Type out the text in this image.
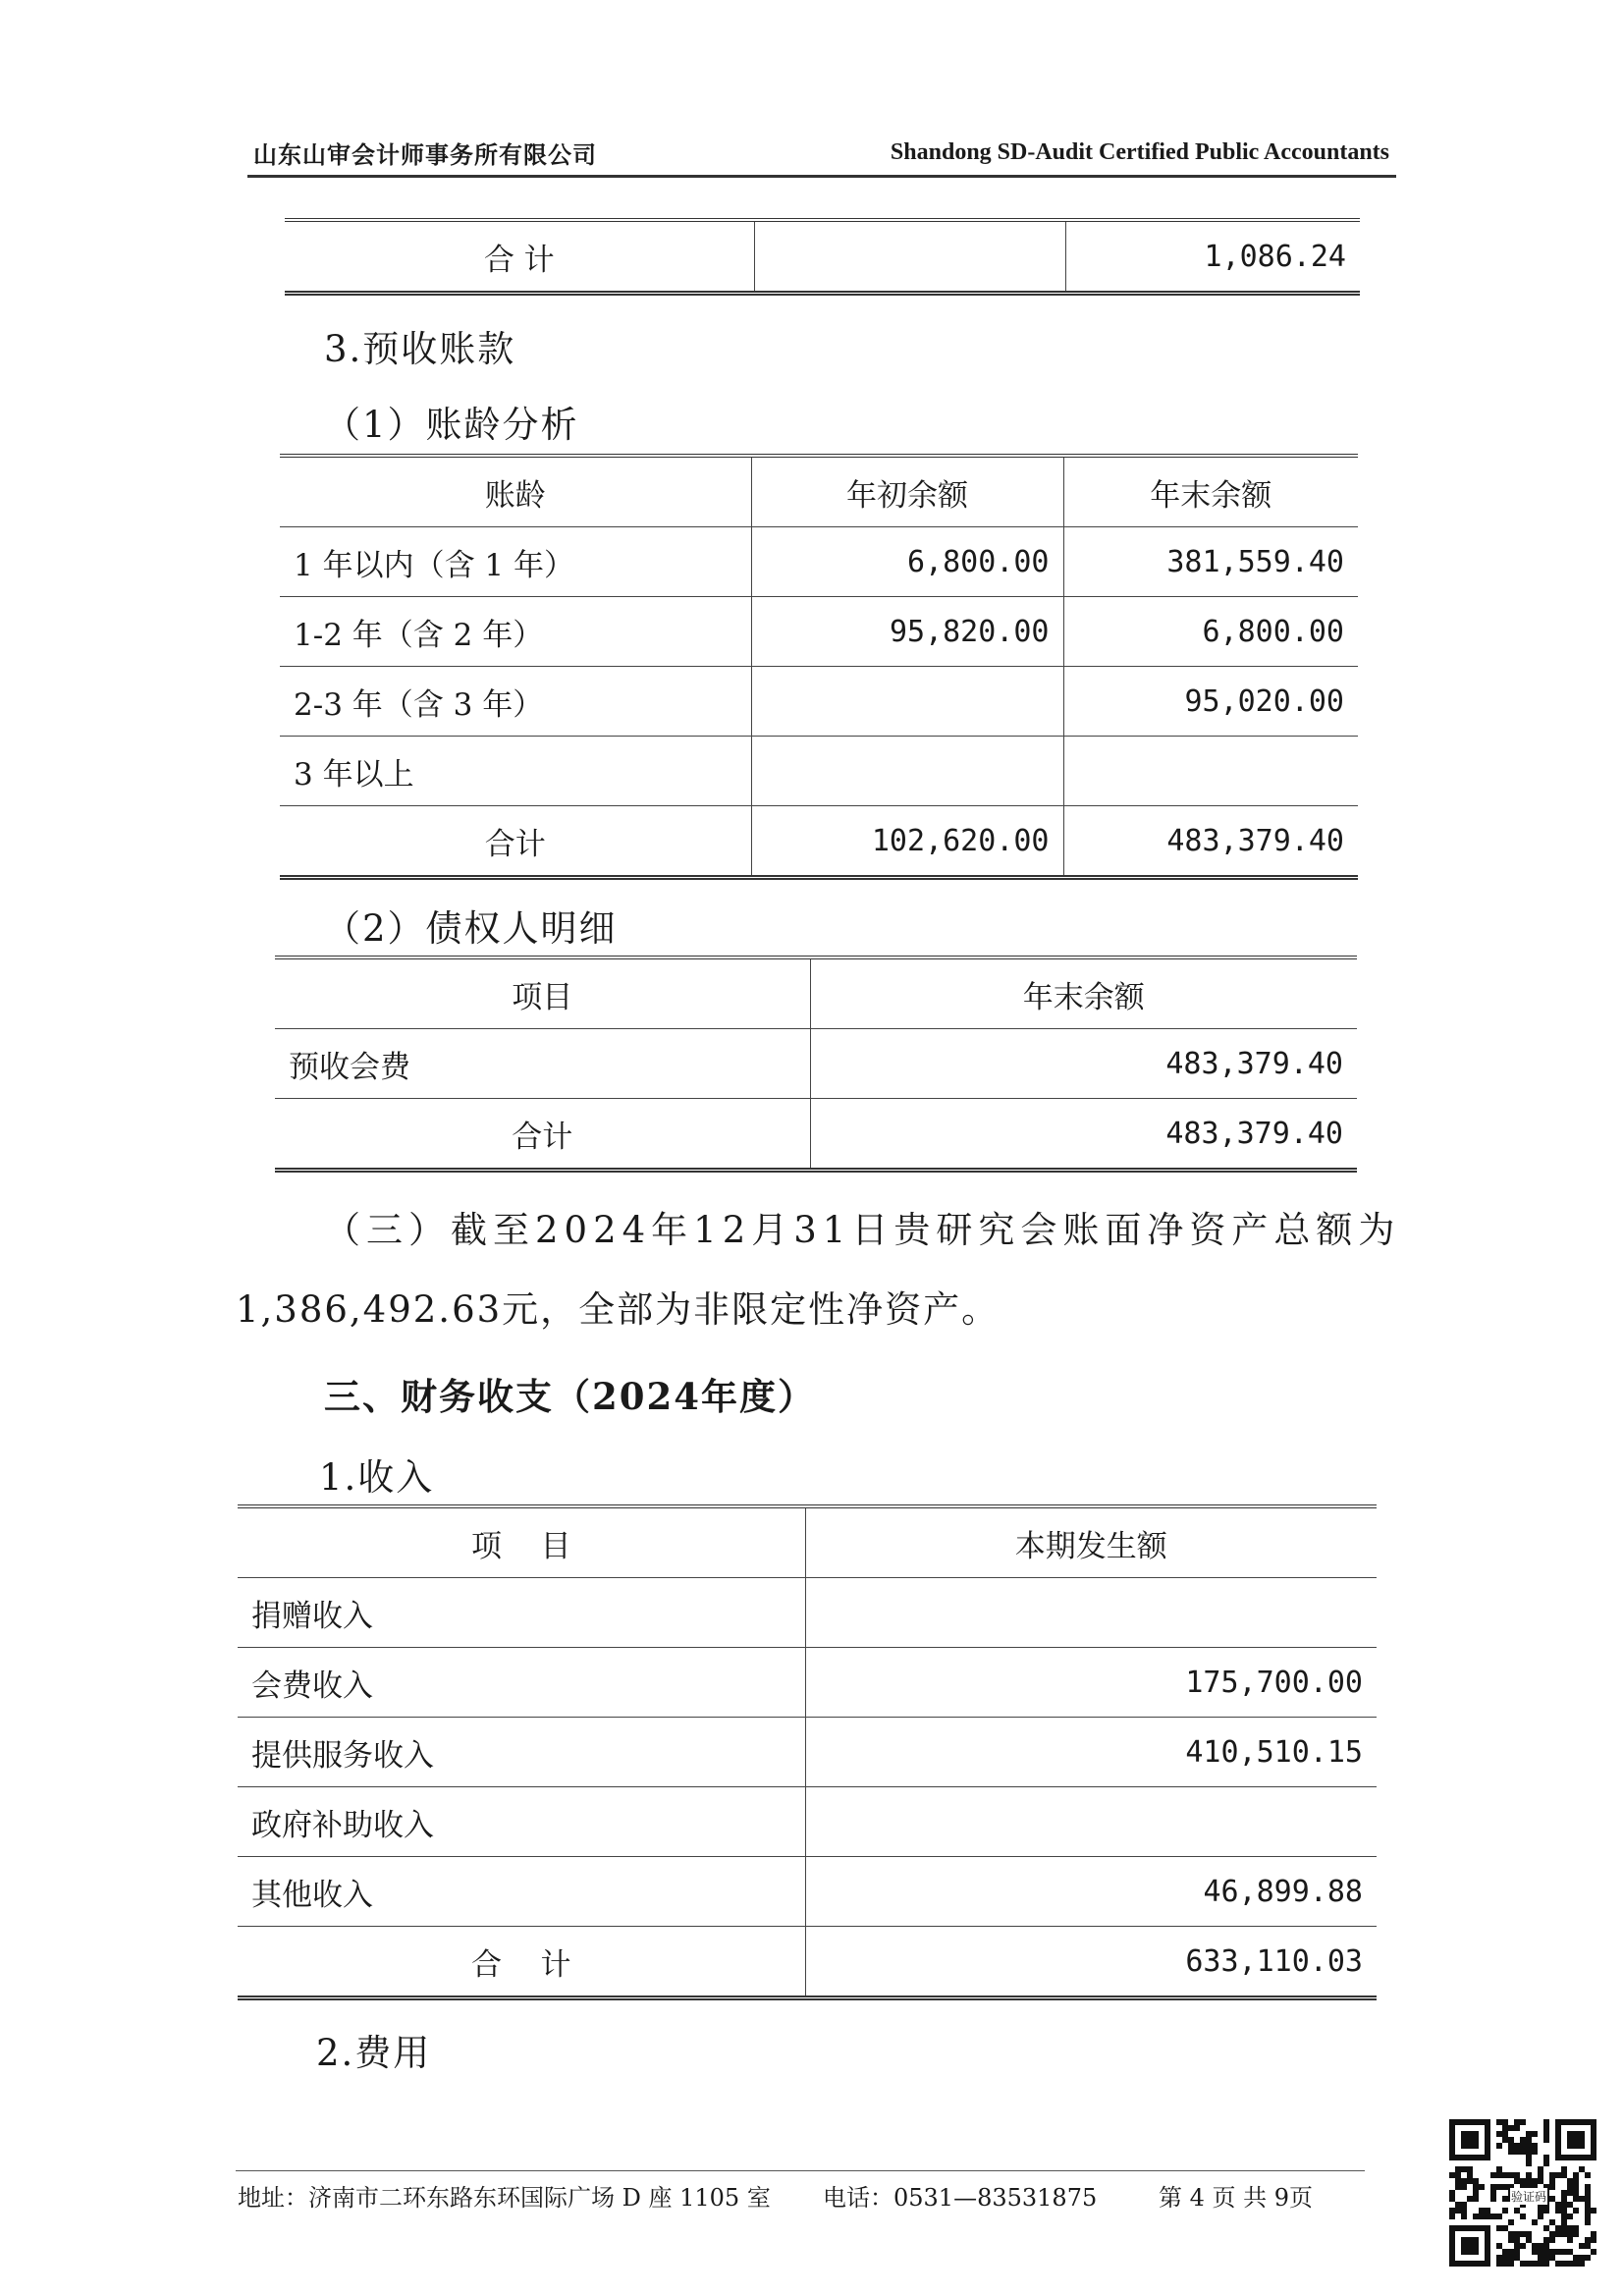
山东山审会计师事务所有限公司	Shandong SD-Audit Certified Public Accountants
合 计		1,086.24
3.预收账款
（1）账龄分析
账龄	年初余额	年末余额
1 年以内（含 1 年）	6,800.00	381,559.40
1-2 年（含 2 年）	95,820.00	6,800.00
2-3 年（含 3 年）		95,020.00
3 年以上		
合计	102,620.00	483,379.40
（2）债权人明细
项目	年末余额
预收会费	483,379.40
合计	483,379.40
（三）截至2024年12月31日贵研究会账面净资产总额为
1,386,492.63元，全部为非限定性净资产。
三、财务收支（2024年度）
1.收入
项    目	本期发生额
捐赠收入	
会费收入	175,700.00
提供服务收入	410,510.15
政府补助收入	
其他收入	46,899.88
合    计	633,110.03
2.费用
地址：济南市二环东路东环国际广场 D 座 1105 室 电话：0531—83531875	第 4 页 共 9页	验证码
